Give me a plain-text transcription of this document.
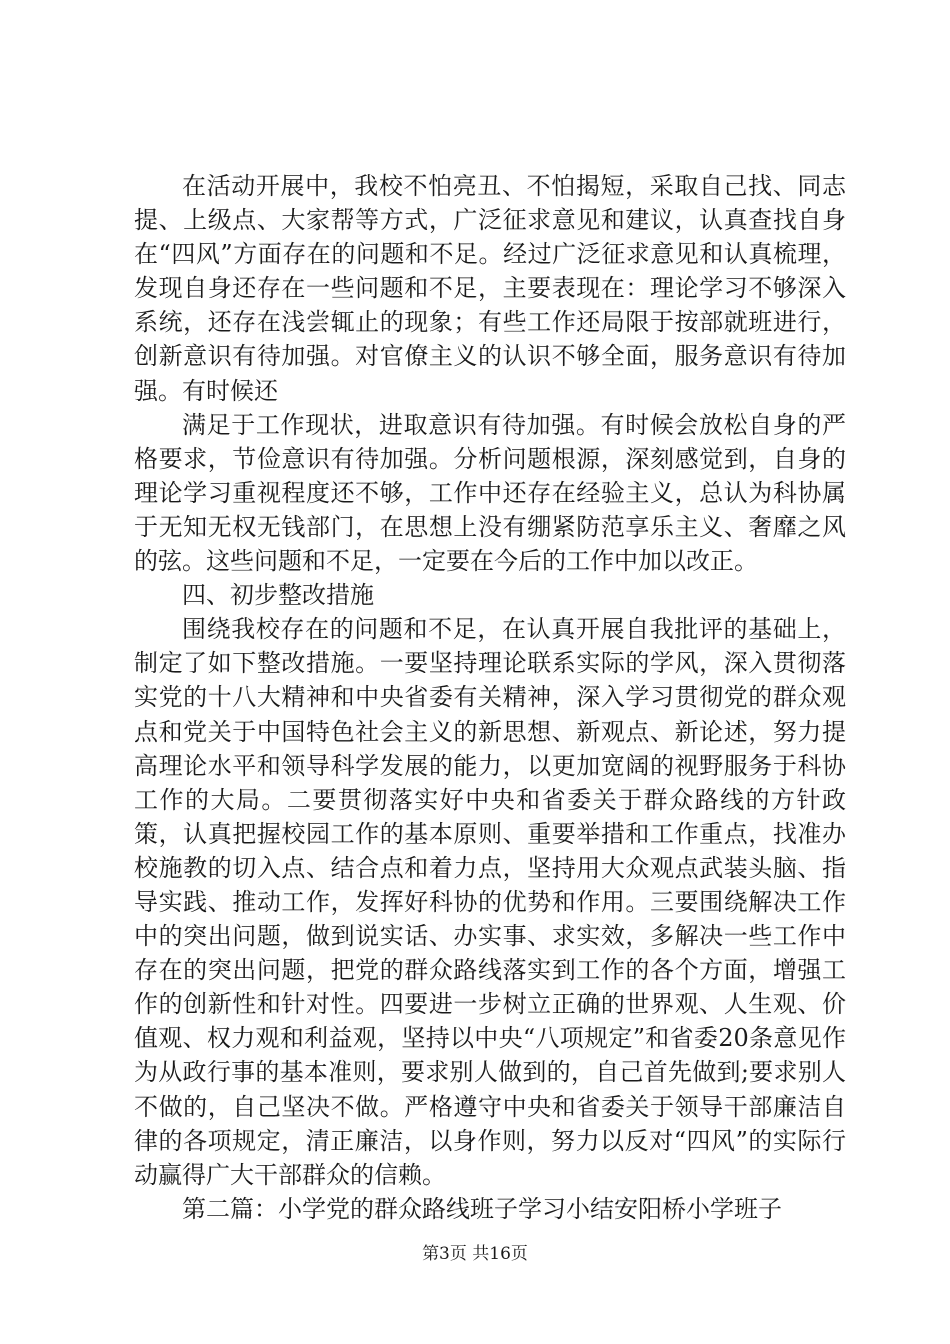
在活动开展中，我校不怕亮丑、不怕揭短，采取自己找、同志提、上级点、大家帮等方式，广泛征求意见和建议，认真查找自身在“四风”方面存在的问题和不足。经过广泛征求意见和认真梳理，发现自身还存在一些问题和不足，主要表现在：理论学习不够深入系统，还存在浅尝辄止的现象；有些工作还局限于按部就班进行，创新意识有待加强。对官僚主义的认识不够全面，服务意识有待加强。有时候还

满足于工作现状，进取意识有待加强。有时候会放松自身的严格要求，节俭意识有待加强。分析问题根源，深刻感觉到，自身的理论学习重视程度还不够，工作中还存在经验主义，总认为科协属于无知无权无钱部门，在思想上没有绷紧防范享乐主义、奢靡之风的弦。这些问题和不足，一定要在今后的工作中加以改正。

四、初步整改措施

围绕我校存在的问题和不足，在认真开展自我批评的基础上，制定了如下整改措施。一要坚持理论联系实际的学风，深入贯彻落实党的十八大精神和中央省委有关精神，深入学习贯彻党的群众观点和党关于中国特色社会主义的新思想、新观点、新论述，努力提高理论水平和领导科学发展的能力，以更加宽阔的视野服务于科协工作的大局。二要贯彻落实好中央和省委关于群众路线的方针政策，认真把握校园工作的基本原则、重要举措和工作重点，找准办校施教的切入点、结合点和着力点，坚持用大众观点武装头脑、指导实践、推动工作，发挥好科协的优势和作用。三要围绕解决工作中的突出问题，做到说实话、办实事、求实效，多解决一些工作中存在的突出问题，把党的群众路线落实到工作的各个方面，增强工作的创新性和针对性。四要进一步树立正确的世界观、人生观、价值观、权力观和利益观，坚持以中央“八项规定”和省委20条意见作为从政行事的基本准则，要求别人做到的，自己首先做到;要求别人不做的，自己坚决不做。严格遵守中央和省委关于领导干部廉洁自律的各项规定，清正廉洁，以身作则，努力以反对“四风”的实际行动赢得广大干部群众的信赖。

第二篇：小学党的群众路线班子学习小结安阳桥小学班子

第3页 共16页
